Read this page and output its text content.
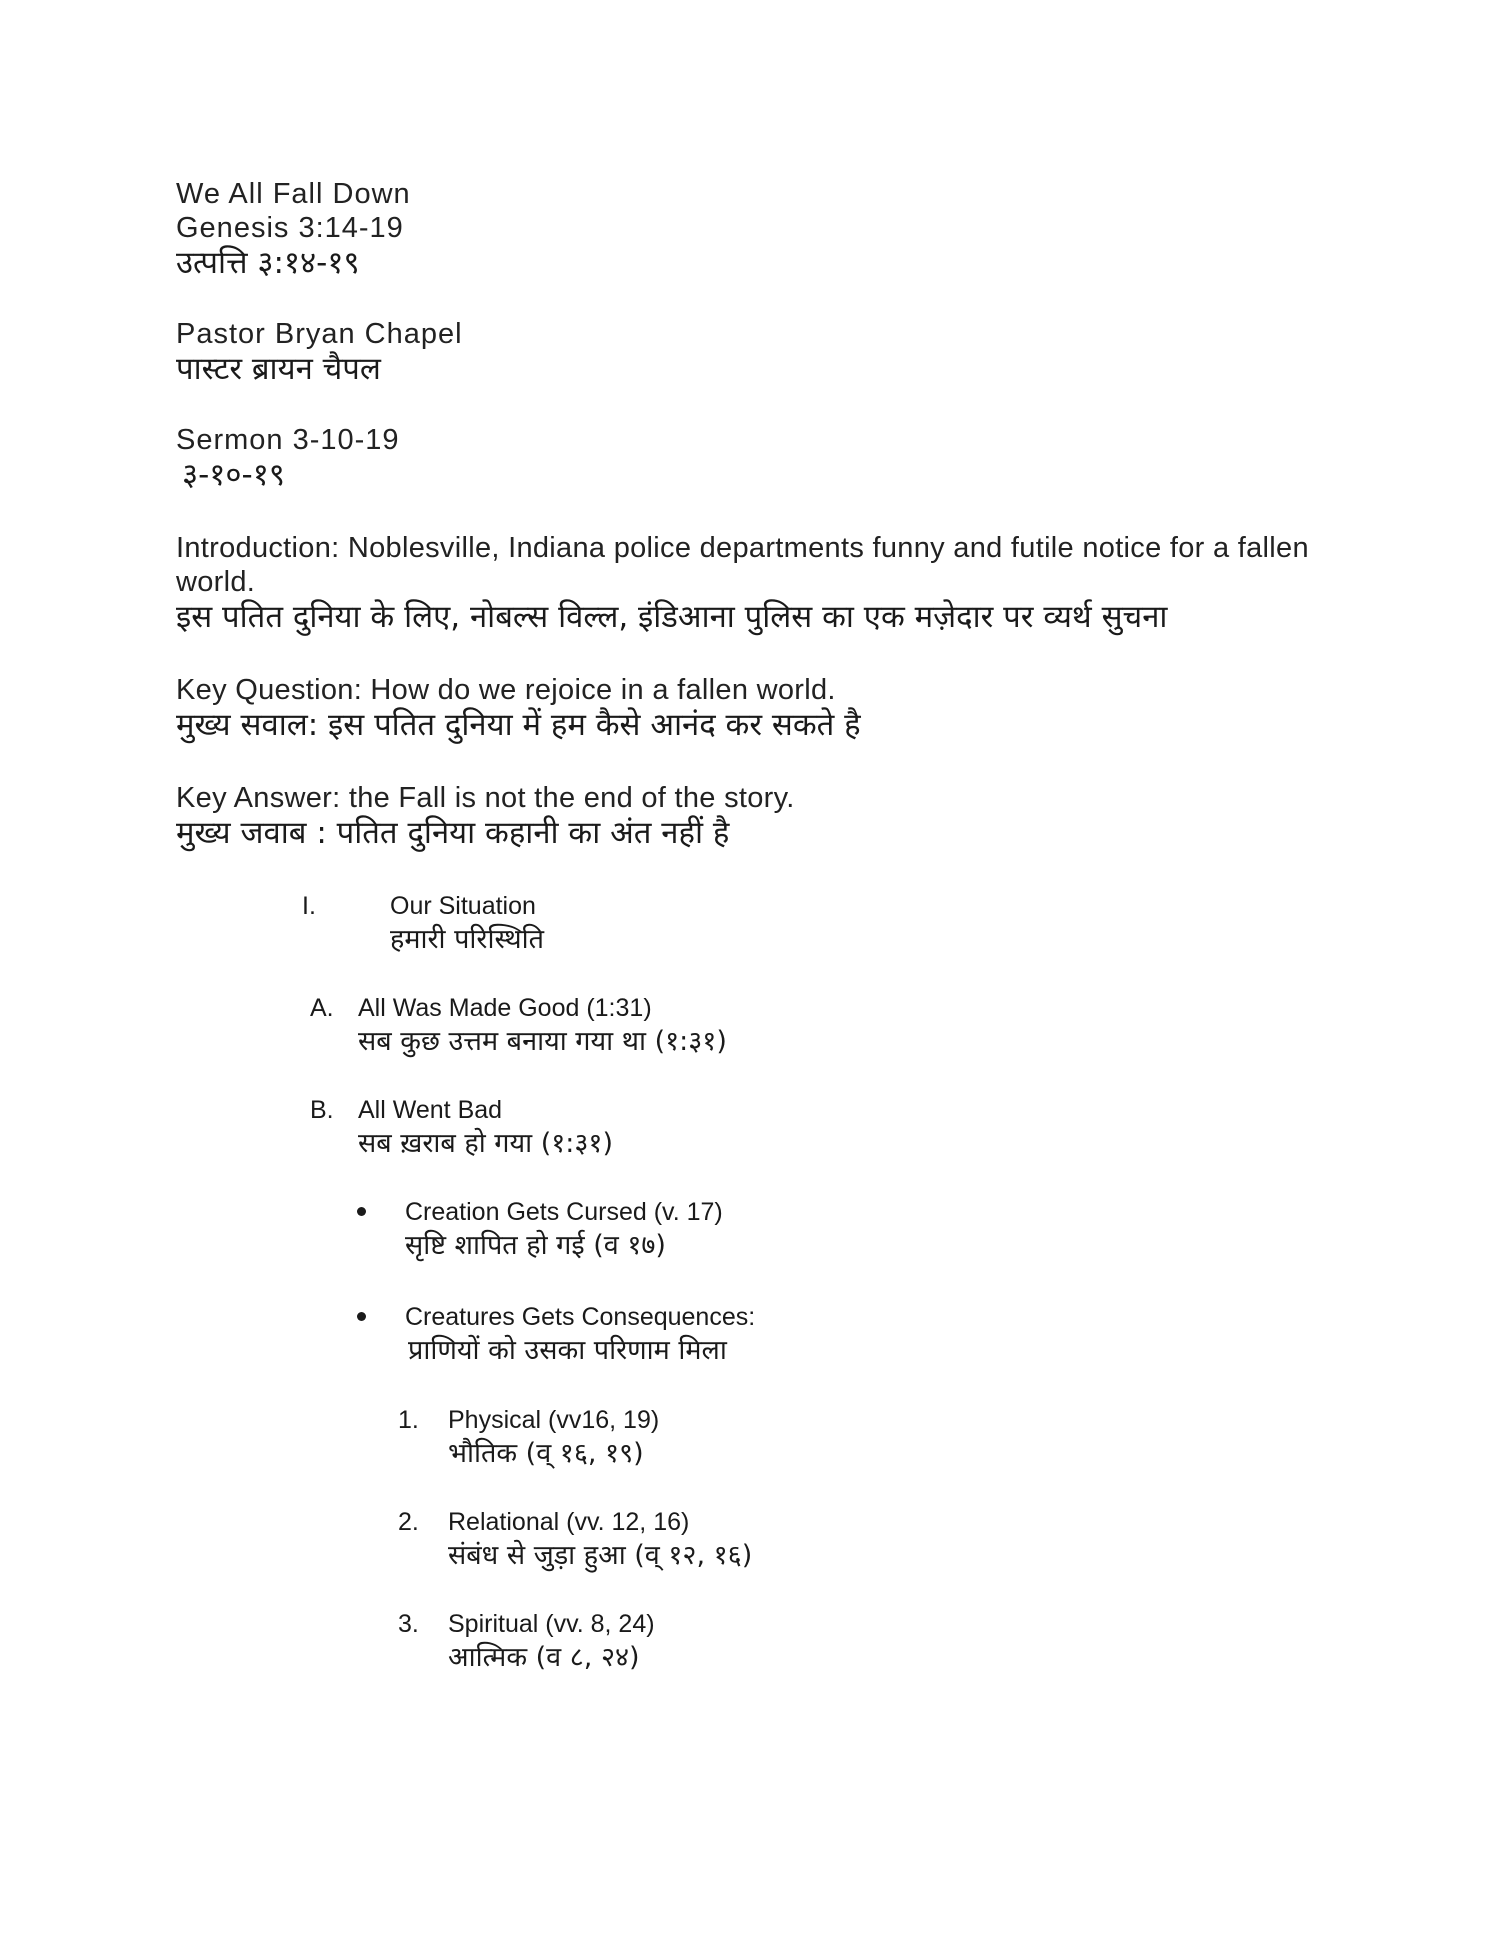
We All Fall Down
Genesis 3:14-19
उत्पत्ति ३:१४-१९
Pastor Bryan Chapel
पास्टर ब्रायन चैपल
Sermon 3-10-19
३-१०-१९
Introduction: Noblesville, Indiana police departments funny and futile notice for a fallen
world.
इस पतित दुनिया के लिए, नोबल्स विल्ल, इंडिआना पुलिस का एक मज़ेदार पर व्यर्थ सुचना
Key Question: How do we rejoice in a fallen world.
मुख्य सवाल: इस पतित दुनिया में हम कैसे आनंद कर सकते है
Key Answer: the Fall is not the end of the story.
मुख्य जवाब : पतित दुनिया कहानी का अंत नहीं है
I.	Our Situation
हमारी परिस्थिति
A. All Was Made Good (1:31)
सब कुछ उत्तम बनाया गया था (१:३१)
B. All Went Bad
सब ख़राब हो गया (१:३१)
Creation Gets Cursed (v. 17)
सृष्टि शापित हो गई (व १७)
Creatures Gets Consequences:
प्राणियों को उसका परिणाम मिला
1. Physical (vv16, 19)
भौतिक (व् १६, १९)
2. Relational (vv. 12, 16)
संबंध से जुड़ा हुआ (व् १२, १६)
3. Spiritual (vv. 8, 24)
आत्मिक (व ८, २४)
